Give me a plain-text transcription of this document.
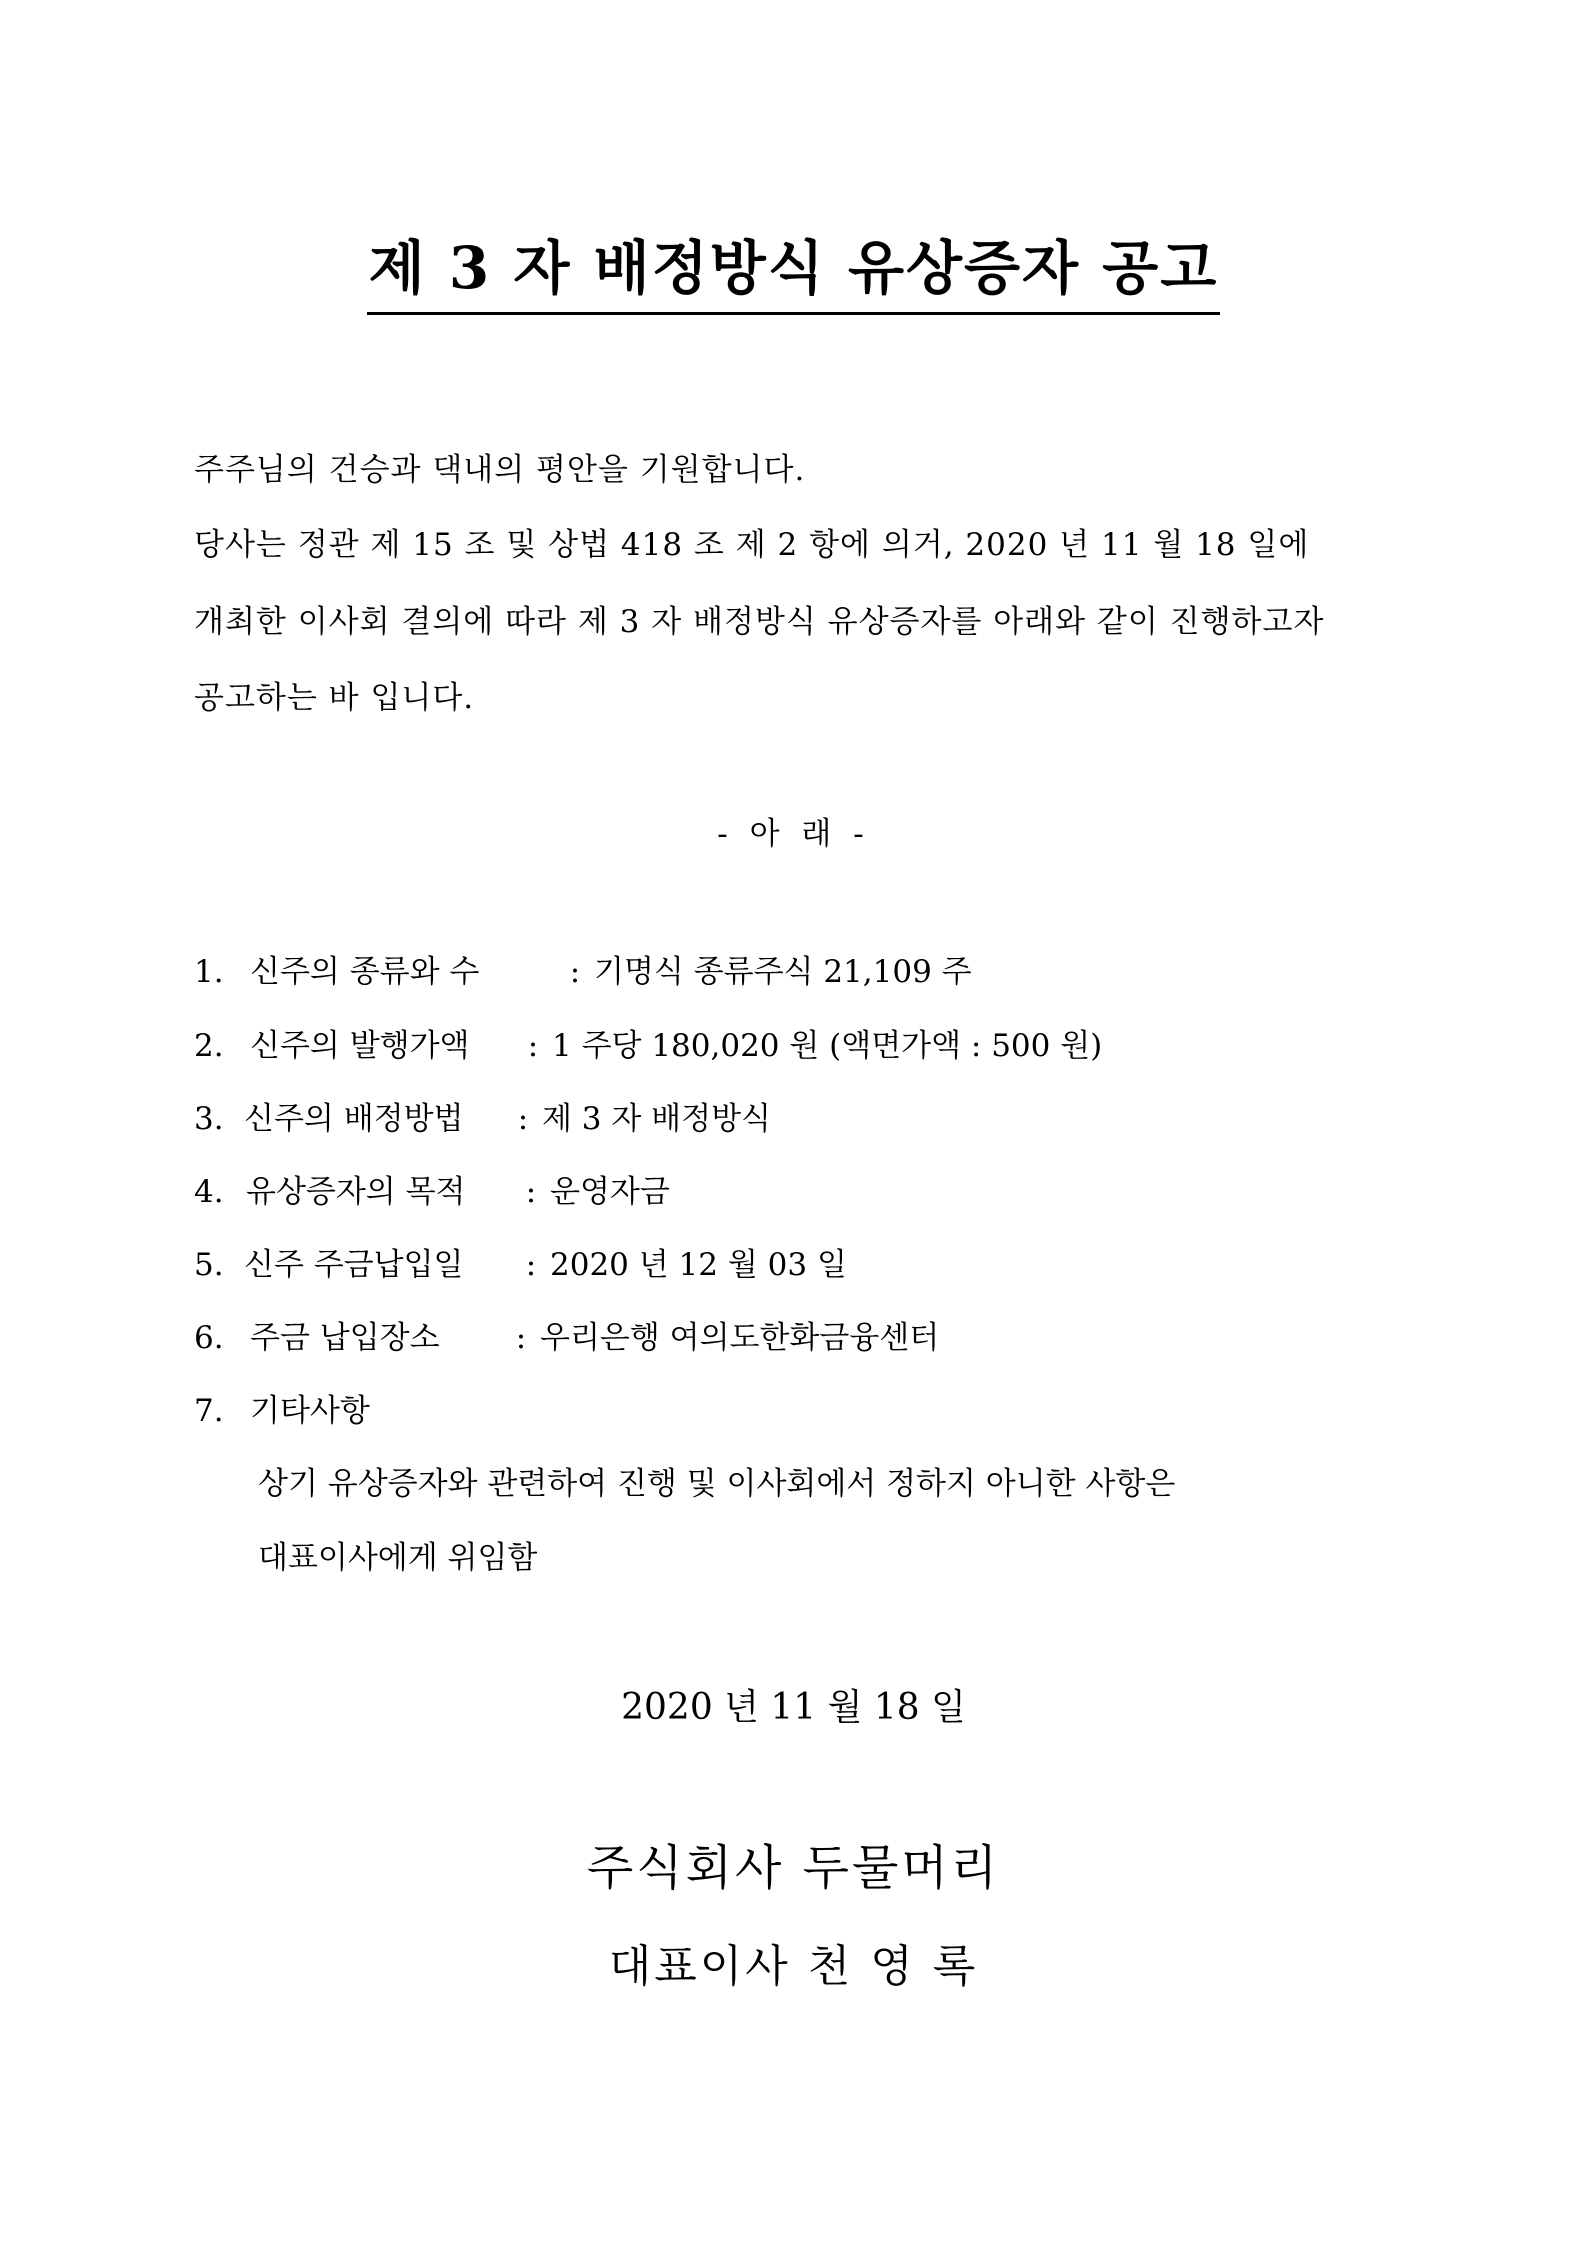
제 3 자 배정방식 유상증자 공고
주주님의 건승과 댁내의 평안을 기원합니다.
당사는 정관 제 15 조 및 상법 418 조 제 2 항에 의거, 2020 년 11 월 18 일에
개최한 이사회 결의에 따라 제 3 자 배정방식 유상증자를 아래와 같이 진행하고자
공고하는 바 입니다.
- 아 래 -
1. 신주의 종류와 수	: 기명식 종류주식 21,109 주
2. 신주의 발행가액 : 1 주당 180,020 원 (액면가액 : 500 원)
3. 신주의 배정방법 : 제 3 자 배정방식
4. 유상증자의 목적 : 운영자금
5. 신주 주금납입일 : 2020 년 12 월 03 일
6. 주금 납입장소 : 우리은행 여의도한화금융센터
7. 기타사항
상기 유상증자와 관련하여 진행 및 이사회에서 정하지 아니한 사항은
대표이사에게 위임함
2020 년 11 월 18 일
주식회사 두물머리
대표이사 천 영 록
